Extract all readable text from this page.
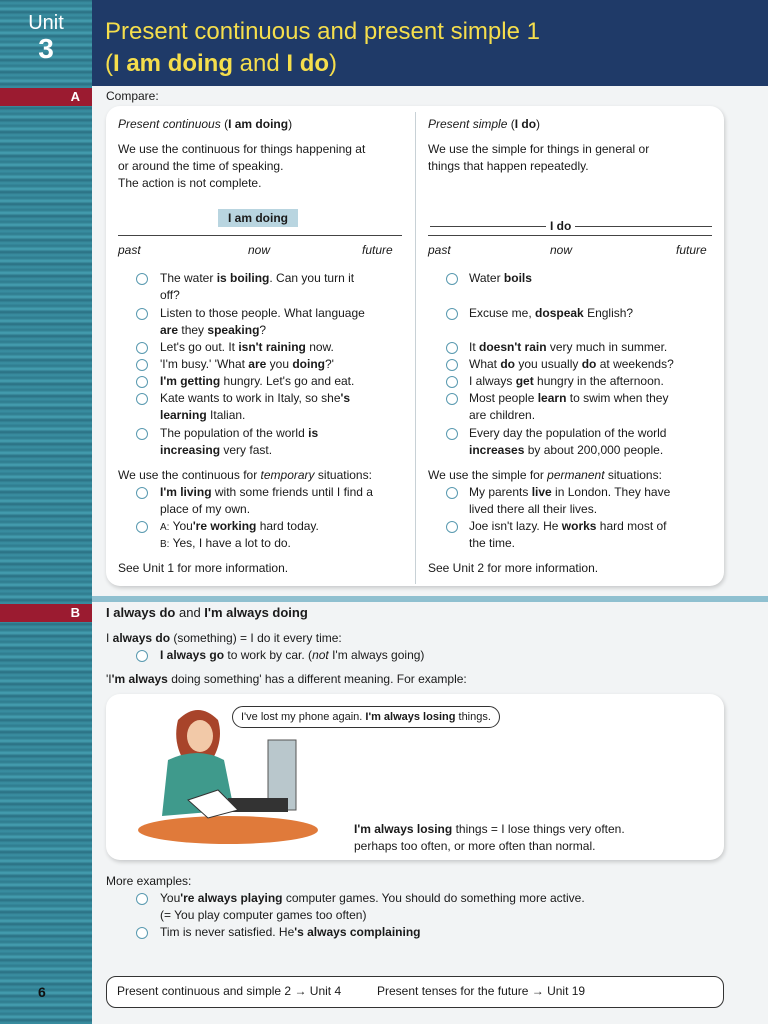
Unit
3
Present continuous and present simple 1
(I am doing and I do)
A Compare:
Present continuous (I am doing)
We use the continuous for things happening at
or around the time of speaking.
The action is not complete.
I am doing
past	now	future
The water is boiling. Can you turn it
off?
Listen to those people. What language
are they speaking?
Let's go out. It isn't raining now.
'I'm busy.' 'What are you doing?'
I'm getting hungry. Let's go and eat.
Kate wants to work in Italy, so she's
learning Italian.
The population of the world is
increasing very fast.
We use the continuous for temporary situations:
I'm living with some friends until I find a
place of my own.
A: You're working hard today.
B: Yes, I have a lot to do.
See Unit 1 for more information.
Present simple (I do)
We use the simple for things in general or
things that happen repeatedly.
I do
past	now	future
Water boils
Excuse me, dospeak English?
It doesn't rain very much in summer.
What do you usually do at weekends?
I always get hungry in the afternoon.
Most people learn to swim when they
are children.
Every day the population of the world
increases by about 200,000 people.
We use the simple for permanent situations:
My parents live in London. They have
lived there all their lives.
Joe isn't lazy. He works hard most of
the time.
See Unit 2 for more information.
B I always do and I'm always doing
I always do (something) = I do it every time:
I always go to work by car. (not I'm always going)
'I'm always doing something' has a different meaning. For example:
I've lost my phone again. I'm always losing things.
I'm always losing things = I lose things very often.
perhaps too often, or more often than normal.
More examples:
You're always playing computer games. You should do something more active.
(= You play computer games too often)
Tim is never satisfied. He's always complaining
Present continuous and simple 2 → Unit 4	Present tenses for the future → Unit 19
6
